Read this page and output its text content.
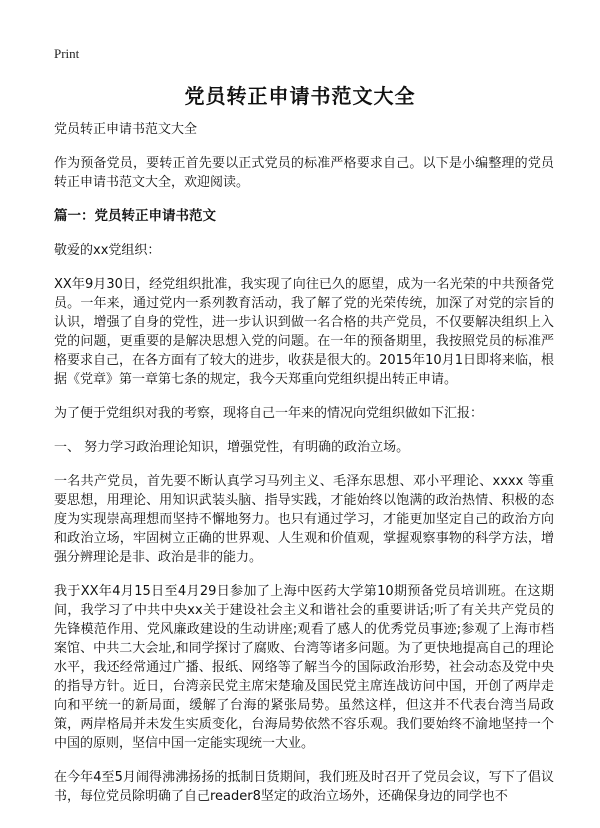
Print
党员转正申请书范文大全

党员转正申请书范文大全

作为预备党员，要转正首先要以正式党员的标准严格要求自己。以下是小编整理的党员转正申请书范文大全，欢迎阅读。

篇一：党员转正申请书范文

敬爱的xx党组织：

XX年9月30日，经党组织批准，我实现了向往已久的愿望，成为一名光荣的中共预备党员。一年来，通过党内一系列教育活动，我了解了党的光荣传统，加深了对党的宗旨的认识，增强了自身的党性，进一步认识到做一名合格的共产党员，不仅要解决组织上入党的问题，更重要的是解决思想入党的问题。在一年的预备期里，我按照党员的标准严格要求自己，在各方面有了较大的进步，收获是很大的。2015年10月1日即将来临，根据《党章》第一章第七条的规定，我今天郑重向党组织提出转正申请。

为了便于党组织对我的考察，现将自己一年来的情况向党组织做如下汇报：

一、 努力学习政治理论知识，增强党性，有明确的政治立场。

一名共产党员，首先要不断认真学习马列主义、毛泽东思想、邓小平理论、xxxx 等重要思想，用理论、用知识武装头脑、指导实践，才能始终以饱满的政治热情、积极的态度为实现崇高理想而坚持不懈地努力。也只有通过学习，才能更加坚定自己的政治方向和政治立场，牢固树立正确的世界观、人生观和价值观，掌握观察事物的科学方法，增强分辨理论是非、政治是非的能力。

我于XX年4月15日至4月29日参加了上海中医药大学第10期预备党员培训班。在这期间，我学习了中共中央xx关于建设社会主义和谐社会的重要讲话;听了有关共产党员的先锋模范作用、党风廉政建设的生动讲座;观看了感人的优秀党员事迹;参观了上海市档案馆、中共二大会址,和同学探讨了腐败、台湾等诸多问题。为了更快地提高自己的理论水平，我还经常通过广播、报纸、网络等了解当今的国际政治形势，社会动态及党中央的指导方针。近日，台湾亲民党主席宋楚瑜及国民党主席连战访问中国，开创了两岸走向和平统一的新局面，缓解了台海的紧张局势。虽然这样，但这并不代表台湾当局政策，两岸格局并未发生实质变化，台海局势依然不容乐观。我们要始终不渝地坚持一个中国的原则，坚信中国一定能实现统一大业。

在今年4至5月闹得沸沸扬扬的抵制日货期间，我们班及时召开了党员会议，写下了倡议书，每位党员除明确了自己reader8坚定的政治立场外，还确保身边的同学也不
